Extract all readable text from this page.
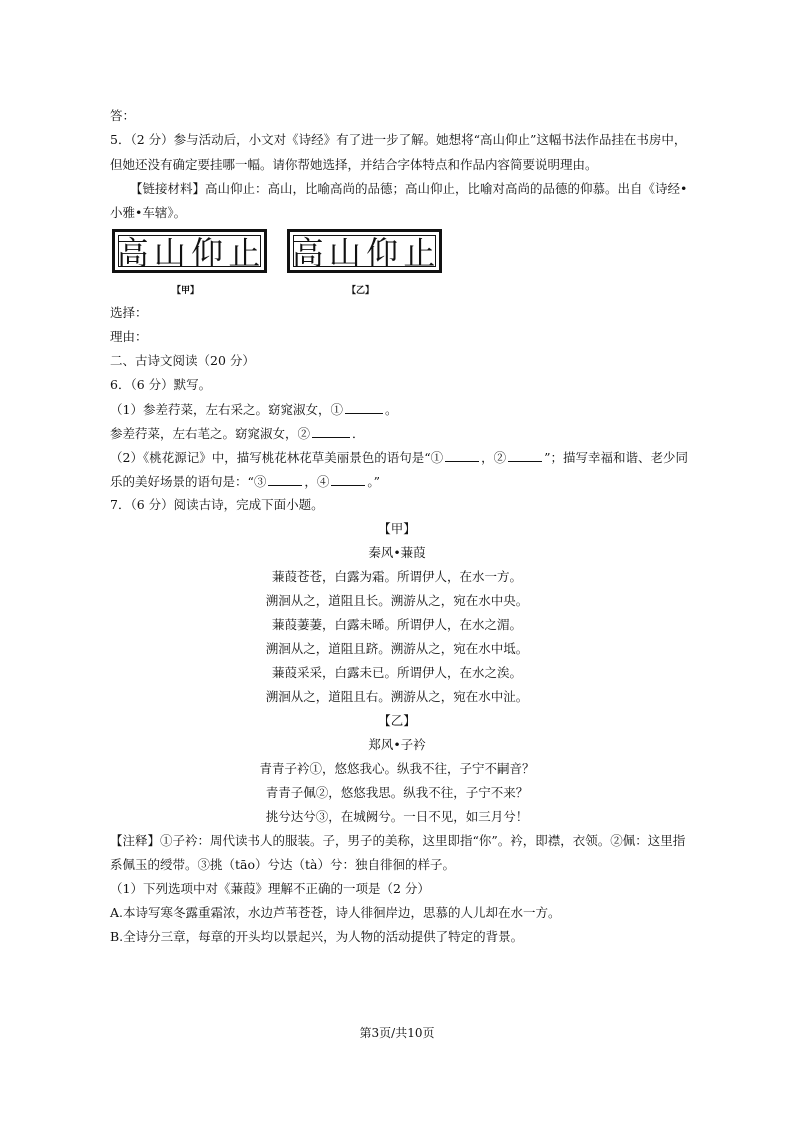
答：
5．（2 分）参与活动后，小文对《诗经》有了进一步了解。她想将“高山仰止”这幅书法作品挂在书房中，
但她还没有确定要挂哪一幅。请你帮她选择，并结合字体特点和作品内容简要说明理由。
【链接材料】高山仰止：高山，比喻高尚的品德；高山仰止，比喻对高尚的品德的仰慕。出自《诗经•
小雅•车辖》。
高 山 仰 止 高 山 仰 止
【甲】	【乙】
选择：
理由：
二、古诗文阅读（20 分）
6．（6 分）默写。
（1）参差荇菜，左右采之。窈窕淑女，①	。
参差荇菜，左右芼之。窈窕淑女，②	．
（2）《桃花源记》中，描写桃花林花草美丽景色的语句是“①	，②	”；描写幸福和谐、老少同
乐的美好场景的语句是：“③	，④	。”
7．（6 分）阅读古诗，完成下面小题。
【甲】
秦风•蒹葭
蒹葭苍苍，白露为霜。所谓伊人，在水一方。
溯洄从之，道阻且长。溯游从之，宛在水中央。
蒹葭萋萋，白露未晞。所谓伊人，在水之湄。
溯洄从之，道阻且跻。溯游从之，宛在水中坻。
蒹葭采采，白露未已。所谓伊人，在水之涘。
溯洄从之，道阻且右。溯游从之，宛在水中沚。
【乙】
郑风•子衿
青青子衿①，悠悠我心。纵我不往，子宁不嗣音？
青青子佩②，悠悠我思。纵我不往，子宁不来？
挑兮达兮③，在城阙兮。一日不见，如三月兮！
【注释】①子衿：周代读书人的服装。子，男子的美称，这里即指“你”。衿，即襟，衣领。②佩：这里指
系佩玉的绶带。③挑（tāo）兮达（tà）兮：独自徘徊的样子。
（1）下列选项中对《蒹葭》理解不正确的一项是（2 分）
A.本诗写寒冬露重霜浓，水边芦苇苍苍，诗人徘徊岸边，思慕的人儿却在水一方。
B.全诗分三章，每章的开头均以景起兴，为人物的活动提供了特定的背景。
第3页/共10页
